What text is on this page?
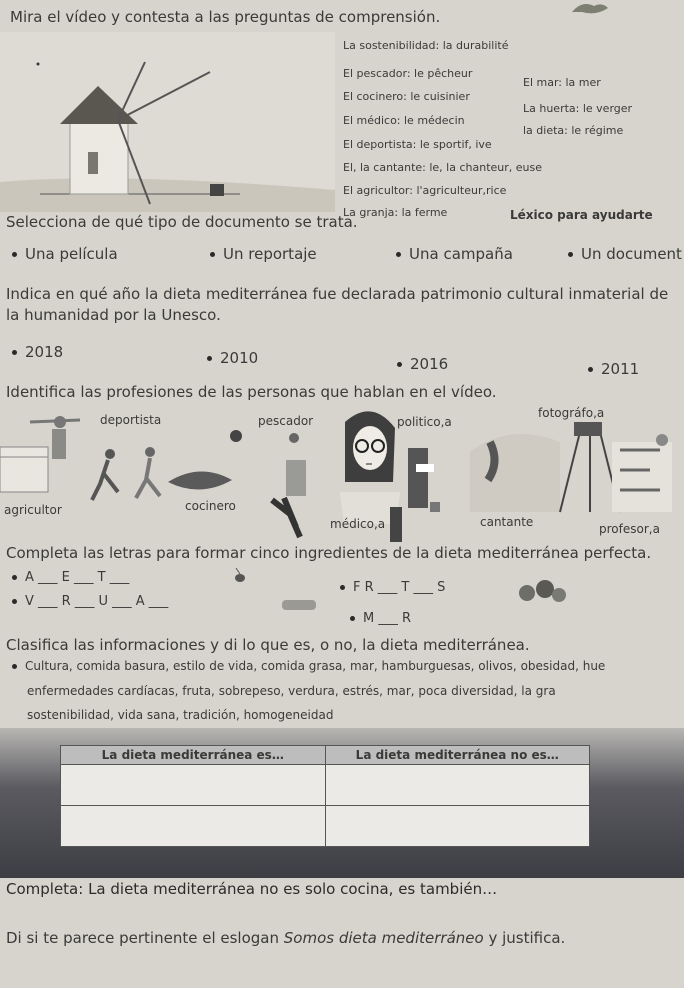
Mira el vídeo y contesta a las preguntas de comprensión.
La sostenibilidad: la durabilité
El pescador: le pêcheur
El cocinero: le cuisinier
El médico: le médecin
El deportista: le sportif, ive
El, la cantante: le, la chanteur, euse
El agricultor: l'agriculteur,rice
La granja: la ferme
El mar: la mer
La huerta: le verger
la dieta: le régime
Léxico para ayudarte
Selecciona de qué tipo de documento se trata.
Una película	Un reportaje	Una campaña	Un document
Indica en qué año la dieta mediterránea fue declarada patrimonio cultural inmaterial de
la humanidad por la Unesco.
2018	2010	2016	2011
Identifica las profesiones de las personas que hablan en el vídeo.
deportista	pescador	politico,a
fotográfo,a
agricultor	cocinero
médico,a	cantante	profesor,a
Completa las letras para formar cinco ingredientes de la dieta mediterránea perfecta.
A ___ E ___ T ___
V ___ R ___ U ___ A ___
F R ___ T ___ S
M ___ R
Clasifica las informaciones y di lo que es, o no, la dieta mediterránea.
Cultura, comida basura, estilo de vida, comida grasa, mar, hamburguesas, olivos, obesidad, hue
enfermedades cardíacas, fruta, sobrepeso, verdura, estrés, mar, poca diversidad, la gra
sostenibilidad, vida sana, tradición, homogeneidad
La dieta mediterránea es…	La dieta mediterránea no es…

Completa: La dieta mediterránea no es solo cocina, es también…
Di si te parece pertinente el eslogan Somos dieta mediterráneo y justifica.
